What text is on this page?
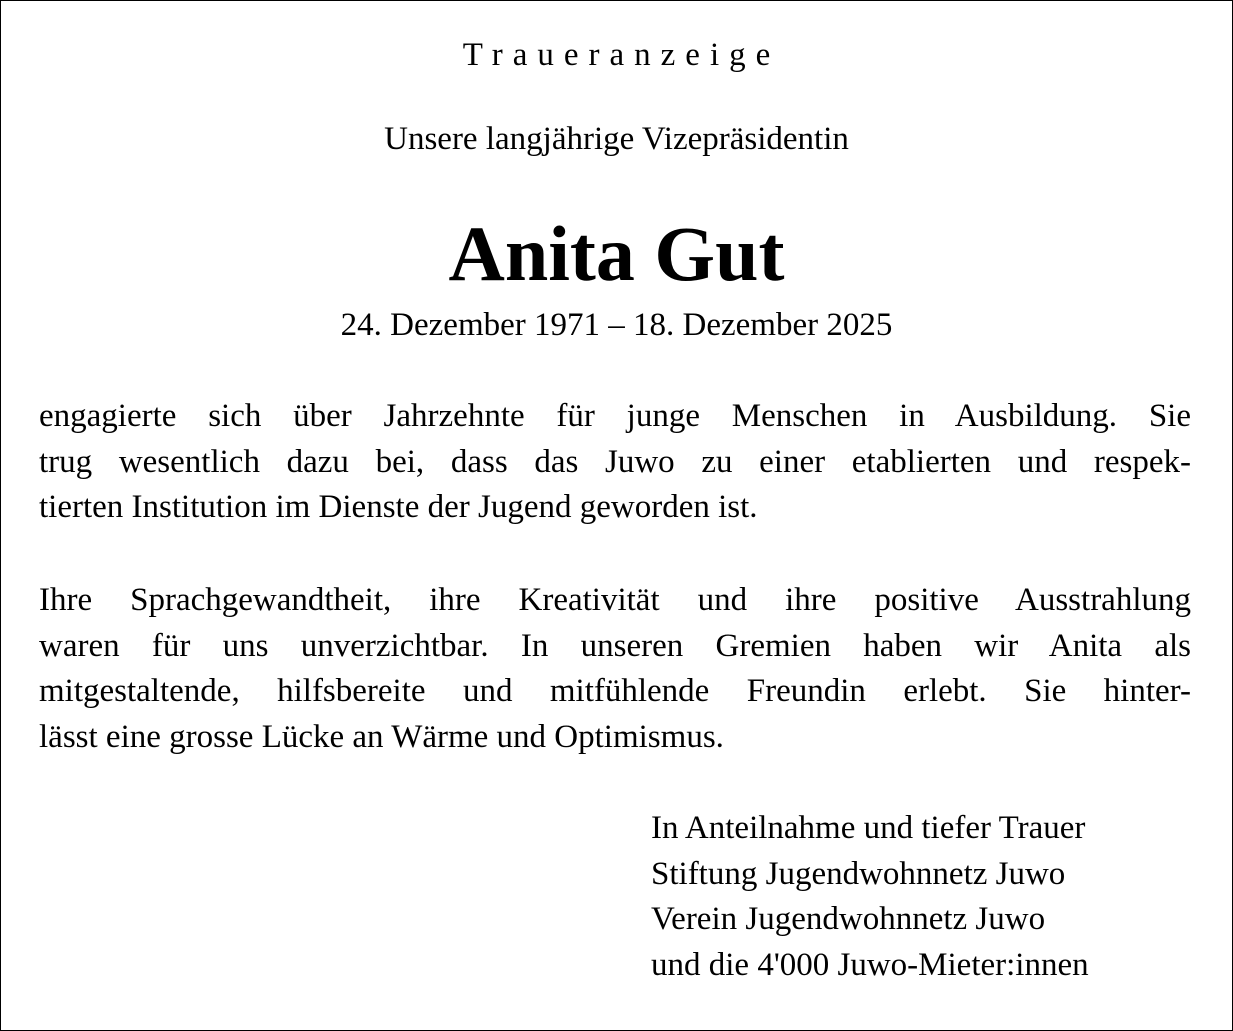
Traueranzeige
Unsere langjährige Vizepräsidentin
Anita Gut
24. Dezember 1971 – 18. Dezember 2025
engagierte sich über Jahrzehnte für junge Menschen in Ausbildung. Sie
trug wesentlich dazu bei, dass das Juwo zu einer etablierten und respek-
tierten Institution im Dienste der Jugend geworden ist.
Ihre Sprachgewandtheit, ihre Kreativität und ihre positive Ausstrahlung
waren für uns unverzichtbar. In unseren Gremien haben wir Anita als
mitgestaltende, hilfsbereite und mitfühlende Freundin erlebt. Sie hinter-
lässt eine grosse Lücke an Wärme und Optimismus.
In Anteilnahme und tiefer Trauer
Stiftung Jugendwohnnetz Juwo
Verein Jugendwohnnetz Juwo
und die 4'000 Juwo-Mieter:innen
